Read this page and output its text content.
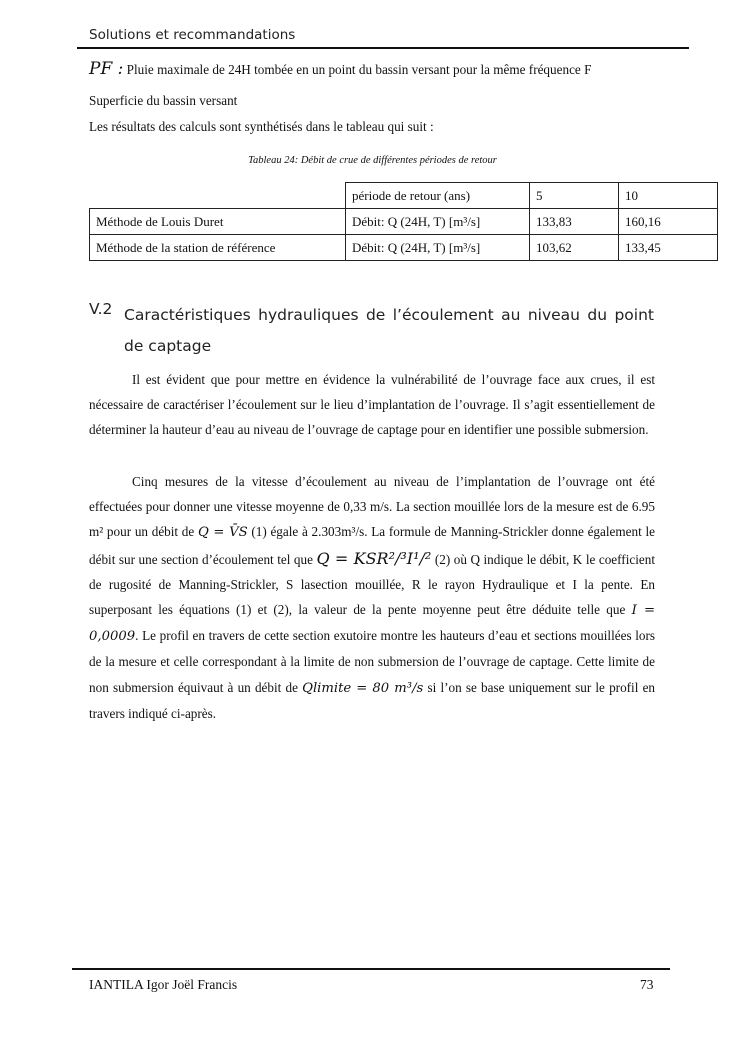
Solutions et recommandations
PF : Pluie maximale de 24H tombée en un point du bassin versant pour la même fréquence F
Superficie du bassin versant
Les résultats des calculs sont synthétisés dans le tableau qui suit :
Tableau 24: Débit de crue de différentes périodes de retour
	période de retour (ans)	5	10
Méthode de Louis Duret	Débit: Q (24H, T) [m³/s]	133,83	160,16
Méthode de la station de référence	Débit: Q (24H, T) [m³/s]	103,62	133,45
V.2 Caractéristiques hydrauliques de l’écoulement au niveau du point de captage
Il est évident que pour mettre en évidence la vulnérabilité de l’ouvrage face aux crues, il est nécessaire de caractériser l’écoulement sur le lieu d’implantation de l’ouvrage. Il s’agit essentiellement de déterminer la hauteur d’eau au niveau de l’ouvrage de captage pour en identifier une possible submersion.
Cinq mesures de la vitesse d’écoulement au niveau de l’implantation de l’ouvrage ont été effectuées pour donner une vitesse moyenne de 0,33 m/s. La section mouillée lors de la mesure est de 6.95 m² pour un débit de Q = V̄S (1) égale à 2.303m³/s. La formule de Manning-Strickler donne également le débit sur une section d’écoulement tel que Q = KSR²/³I¹/² (2) où Q indique le débit, K le coefficient de rugosité de Manning-Strickler, S lasection mouillée, R le rayon Hydraulique et I la pente. En superposant les équations (1) et (2), la valeur de la pente moyenne peut être déduite telle que I = 0,0009. Le profil en travers de cette section exutoire montre les hauteurs d’eau et sections mouillées lors de la mesure et celle correspondant à la limite de non submersion de l’ouvrage de captage. Cette limite de non submersion équivaut à un débit de Qlimite = 80 m³/s si l’on se base uniquement sur le profil en travers indiqué ci-après.
IANTILA Igor Joël Francis	73
